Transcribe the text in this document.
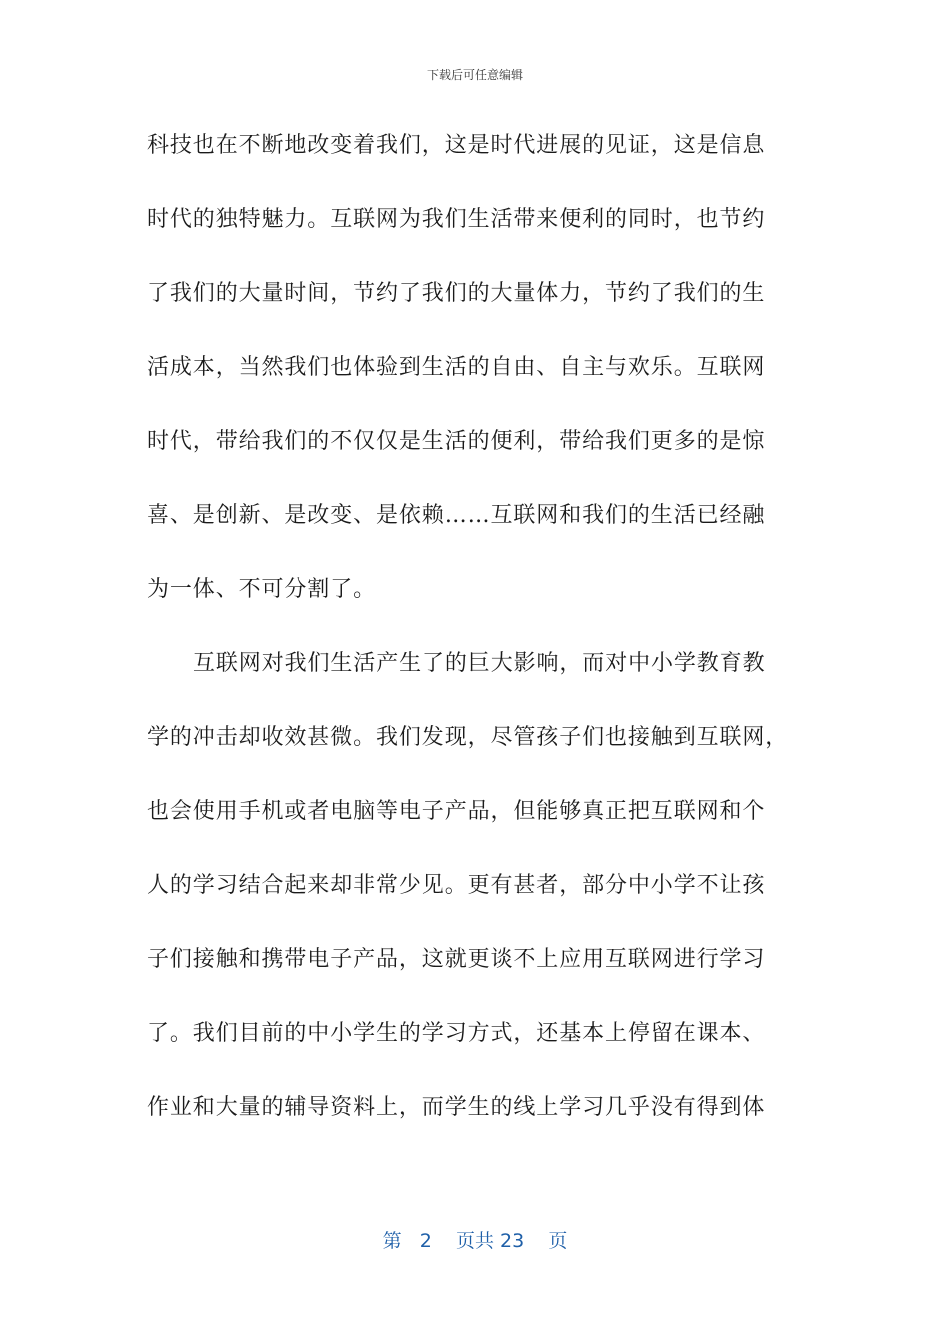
下载后可任意编辑
科技也在不断地改变着我们，这是时代进展的见证，这是信息
时代的独特魅力。互联网为我们生活带来便利的同时，也节约
了我们的大量时间，节约了我们的大量体力，节约了我们的生
活成本，当然我们也体验到生活的自由、自主与欢乐。互联网
时代，带给我们的不仅仅是生活的便利，带给我们更多的是惊
喜、是创新、是改变、是依赖……互联网和我们的生活已经融
为一体、不可分割了。
互联网对我们生活产生了的巨大影响，而对中小学教育教
学的冲击却收效甚微。我们发现，尽管孩子们也接触到互联网，
也会使用手机或者电脑等电子产品，但能够真正把互联网和个
人的学习结合起来却非常少见。更有甚者，部分中小学不让孩
子们接触和携带电子产品，这就更谈不上应用互联网进行学习
了。我们目前的中小学生的学习方式，还基本上停留在课本、
作业和大量的辅导资料上，而学生的线上学习几乎没有得到体
第 2 页共 23 页
